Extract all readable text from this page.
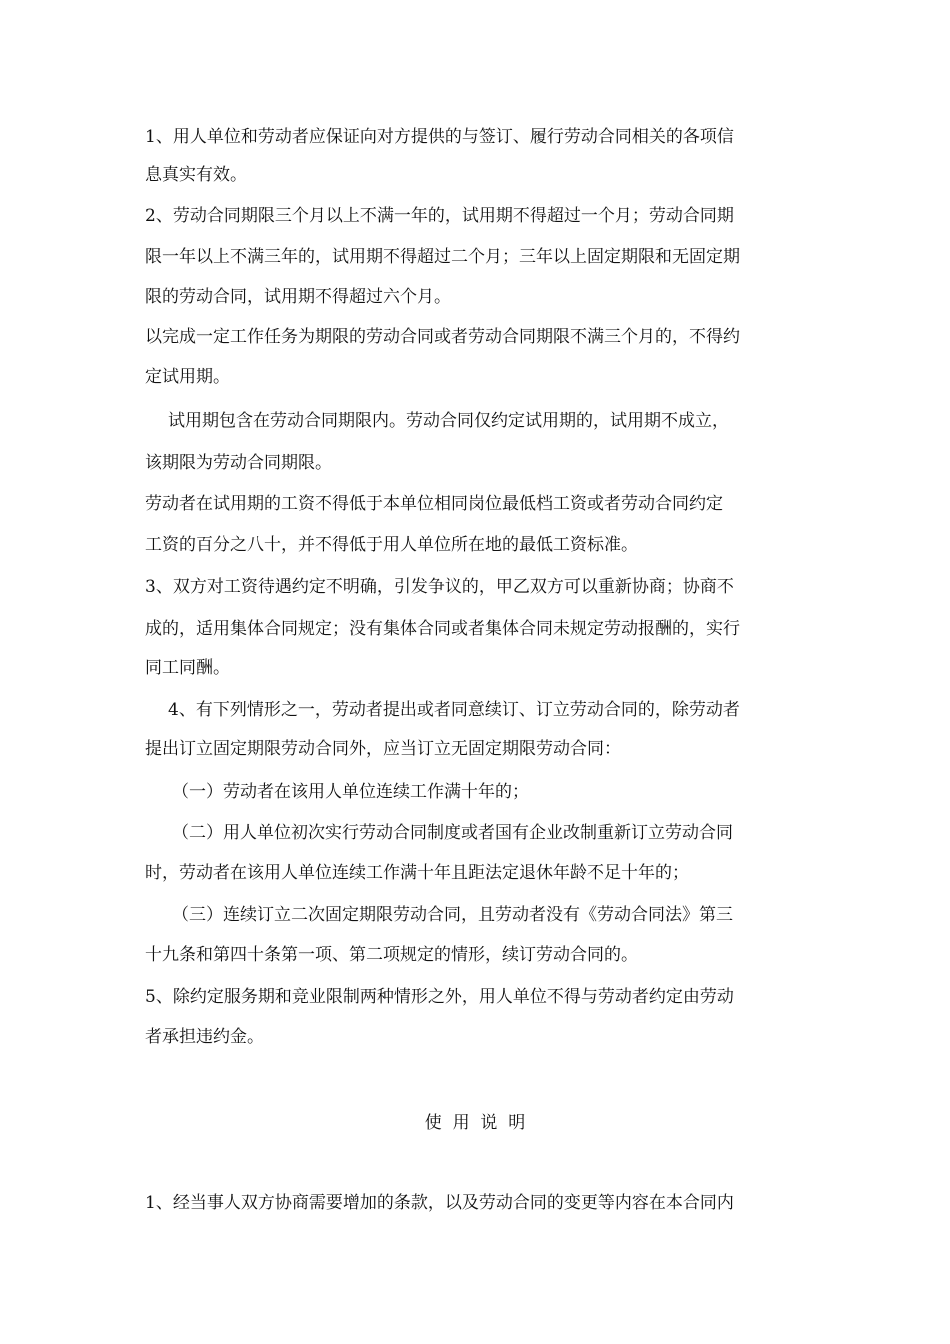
1、用人单位和劳动者应保证向对方提供的与签订、履行劳动合同相关的各项信
息真实有效。
2、劳动合同期限三个月以上不满一年的，试用期不得超过一个月；劳动合同期
限一年以上不满三年的，试用期不得超过二个月；三年以上固定期限和无固定期
限的劳动合同，试用期不得超过六个月。
以完成一定工作任务为期限的劳动合同或者劳动合同期限不满三个月的，不得约
定试用期。
试用期包含在劳动合同期限内。劳动合同仅约定试用期的，试用期不成立，
该期限为劳动合同期限。
劳动者在试用期的工资不得低于本单位相同岗位最低档工资或者劳动合同约定
工资的百分之八十，并不得低于用人单位所在地的最低工资标准。
3、双方对工资待遇约定不明确，引发争议的，甲乙双方可以重新协商；协商不
成的，适用集体合同规定；没有集体合同或者集体合同未规定劳动报酬的，实行
同工同酬。
4、有下列情形之一，劳动者提出或者同意续订、订立劳动合同的，除劳动者
提出订立固定期限劳动合同外，应当订立无固定期限劳动合同：
（一）劳动者在该用人单位连续工作满十年的；
（二）用人单位初次实行劳动合同制度或者国有企业改制重新订立劳动合同
时，劳动者在该用人单位连续工作满十年且距法定退休年龄不足十年的；
（三）连续订立二次固定期限劳动合同，且劳动者没有《劳动合同法》第三
十九条和第四十条第一项、第二项规定的情形，续订劳动合同的。
5、除约定服务期和竞业限制两种情形之外，用人单位不得与劳动者约定由劳动
者承担违约金。
使  用  说  明
1、经当事人双方协商需要增加的条款，以及劳动合同的变更等内容在本合同内
